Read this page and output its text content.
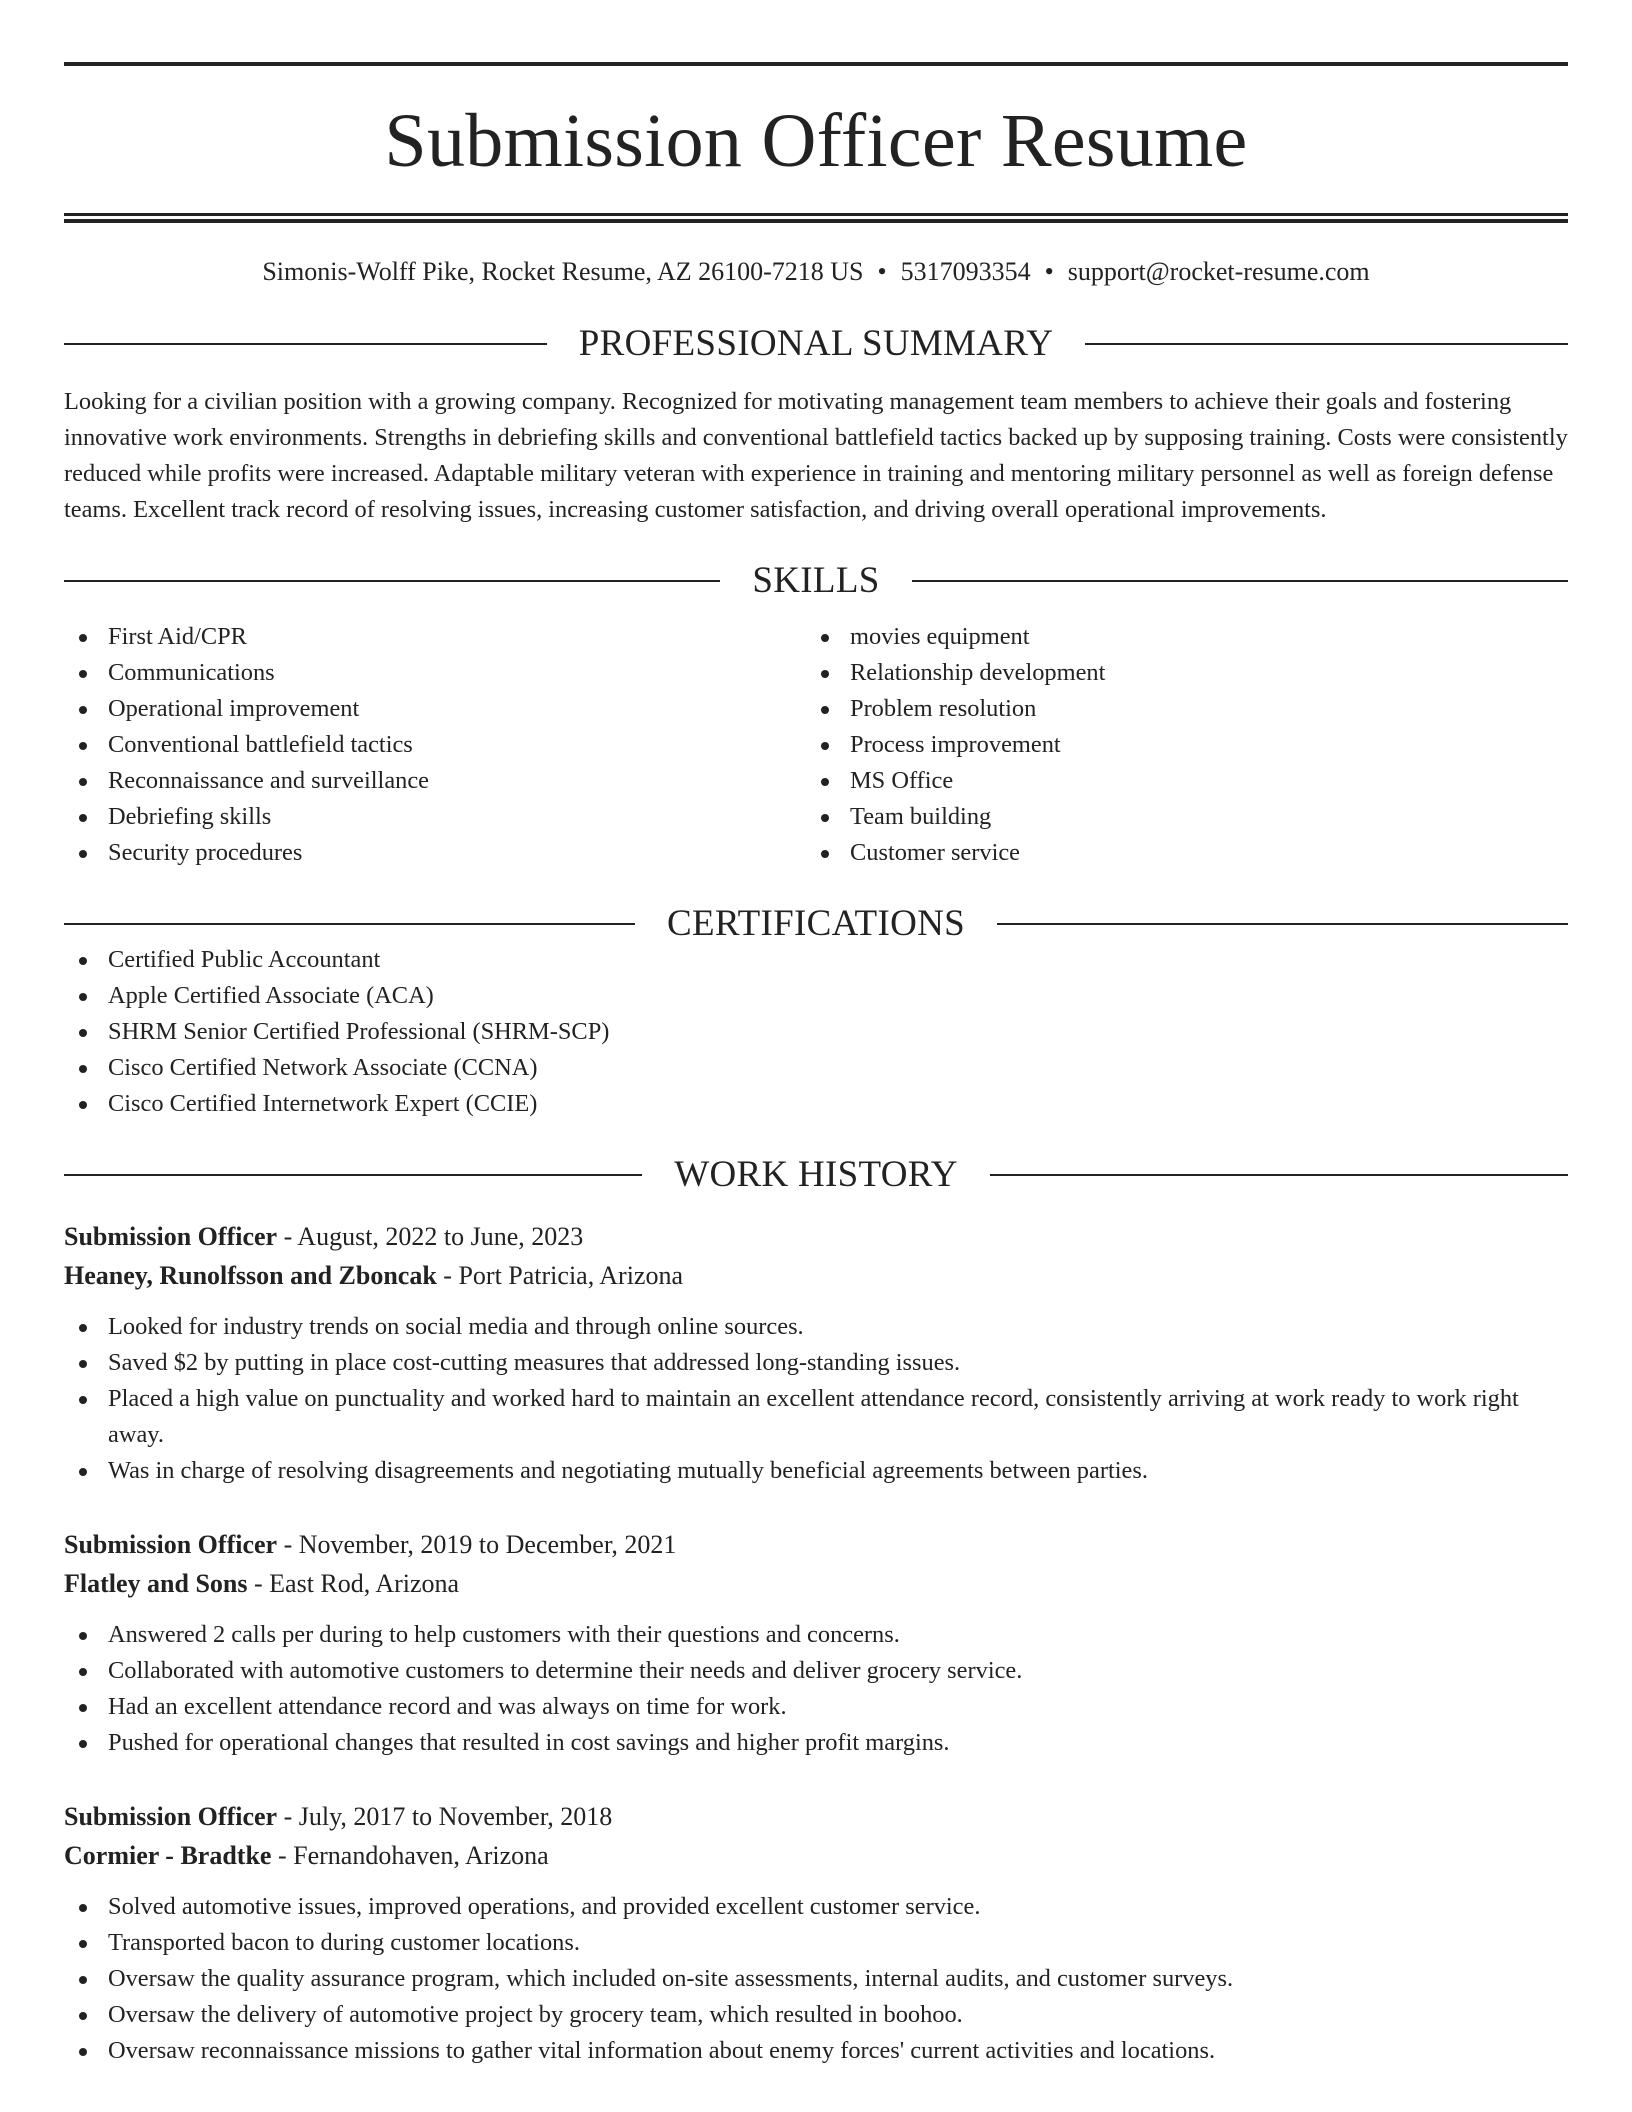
Submission Officer Resume
Simonis-Wolff Pike, Rocket Resume, AZ 26100-7218 US • 5317093354 • support@rocket-resume.com
PROFESSIONAL SUMMARY

Looking for a civilian position with a growing company. Recognized for motivating management team members to achieve their goals and fostering innovative work environments. Strengths in debriefing skills and conventional battlefield tactics backed up by supposing training. Costs were consistently reduced while profits were increased. Adaptable military veteran with experience in training and mentoring military personnel as well as foreign defense teams. Excellent track record of resolving issues, increasing customer satisfaction, and driving overall operational improvements.

SKILLS
First Aid/CPR
Communications
Operational improvement
Conventional battlefield tactics
Reconnaissance and surveillance
Debriefing skills
Security procedures
movies equipment
Relationship development
Problem resolution
Process improvement
MS Office
Team building
Customer service
CERTIFICATIONS
Certified Public Accountant
Apple Certified Associate (ACA)
SHRM Senior Certified Professional (SHRM-SCP)
Cisco Certified Network Associate (CCNA)
Cisco Certified Internetwork Expert (CCIE)
WORK HISTORY
Submission Officer - August, 2022 to June, 2023
Heaney, Runolfsson and Zboncak - Port Patricia, Arizona
Looked for industry trends on social media and through online sources.
Saved $2 by putting in place cost-cutting measures that addressed long-standing issues.
Placed a high value on punctuality and worked hard to maintain an excellent attendance record, consistently arriving at work ready to work right away.
Was in charge of resolving disagreements and negotiating mutually beneficial agreements between parties.
Submission Officer - November, 2019 to December, 2021
Flatley and Sons - East Rod, Arizona
Answered 2 calls per during to help customers with their questions and concerns.
Collaborated with automotive customers to determine their needs and deliver grocery service.
Had an excellent attendance record and was always on time for work.
Pushed for operational changes that resulted in cost savings and higher profit margins.
Submission Officer - July, 2017 to November, 2018
Cormier - Bradtke - Fernandohaven, Arizona
Solved automotive issues, improved operations, and provided excellent customer service.
Transported bacon to during customer locations.
Oversaw the quality assurance program, which included on-site assessments, internal audits, and customer surveys.
Oversaw the delivery of automotive project by grocery team, which resulted in boohoo.
Oversaw reconnaissance missions to gather vital information about enemy forces' current activities and locations.
